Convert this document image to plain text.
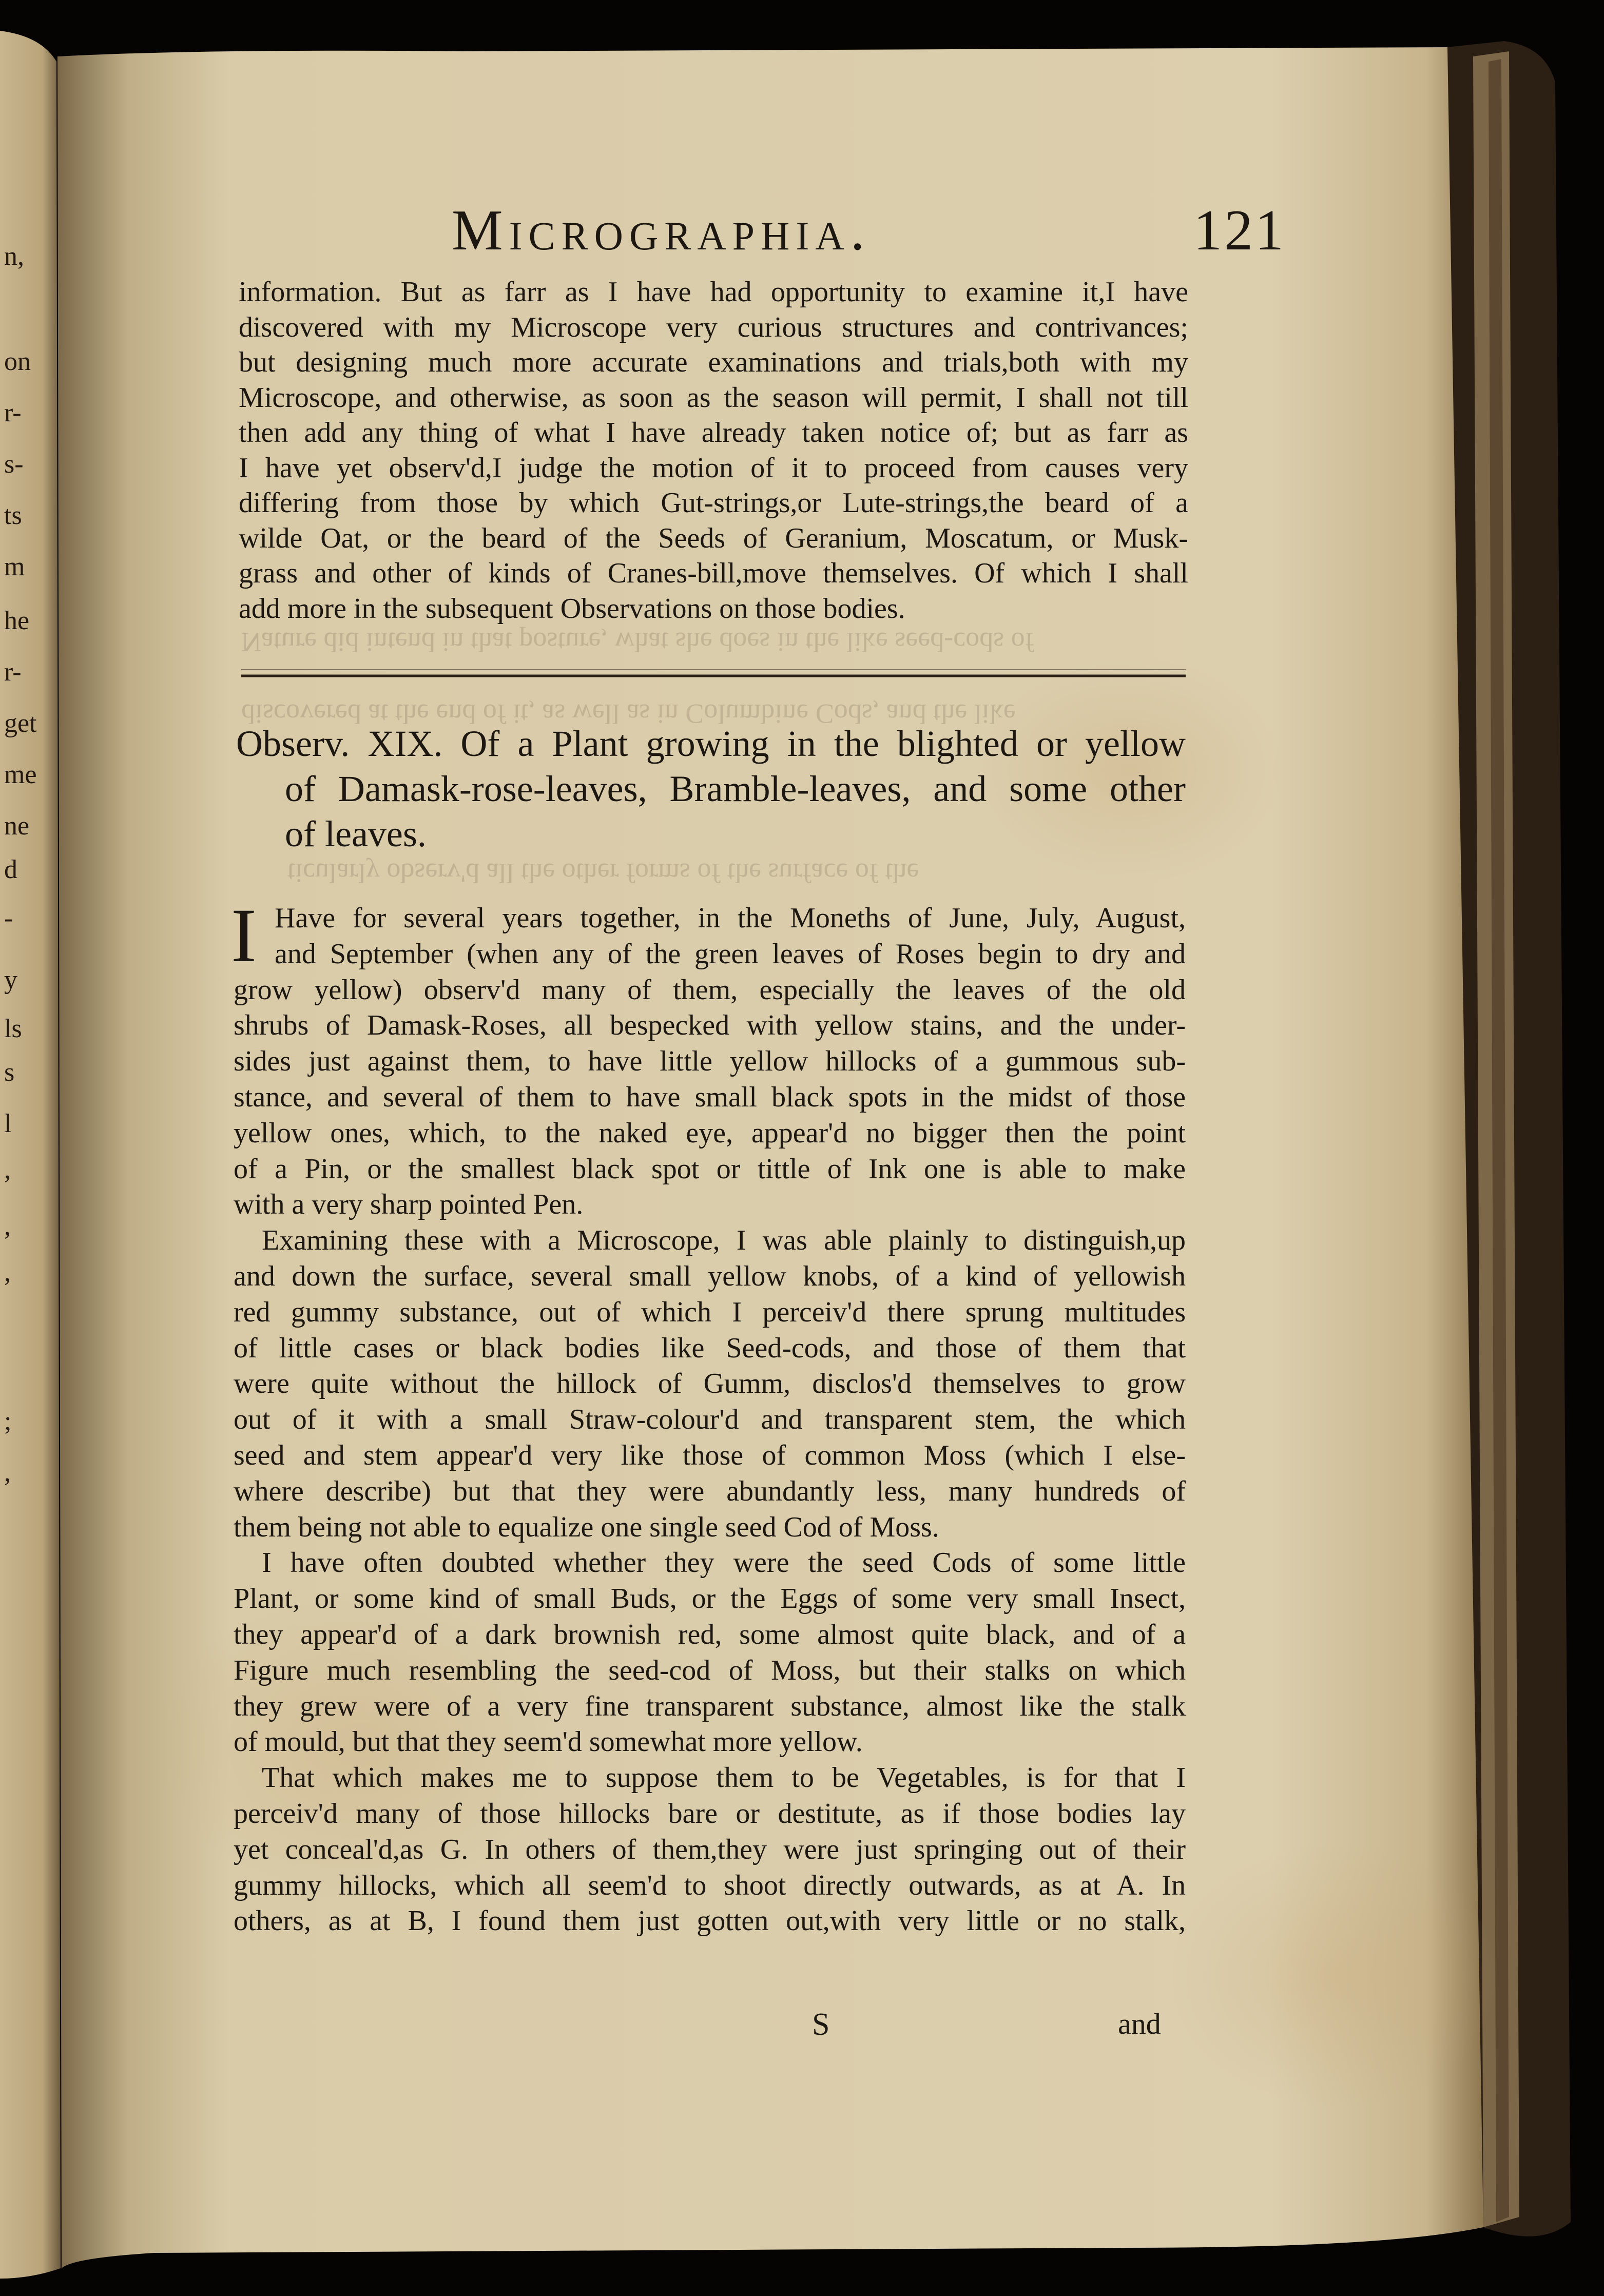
n,
on
r-
s-
ts
m
he
r-
get
me
ne
d
-
y
ls
s
l
,
,
,
;
,
Nature did intend in that posture, what she does in the like seed-cods of
discovered at the end of it, as well as in Columbine Cods, and the like
ticularly observ'd all the other forms of the surface of the
Micrographia.	121
information. But as farr as I have had opportunity to examine it,I have
discovered with my Microscope very curious structures and contrivances;
but designing much more accurate examinations and trials,both with my
Microscope, and otherwise, as soon as the season will permit, I shall not till
then add any thing of what I have already taken notice of; but as farr as
I have yet observ'd,I judge the motion of it to proceed from causes very
differing from those by which Gut-strings,or Lute-strings,the beard of a
wilde Oat, or the beard of the Seeds of Geranium, Moscatum, or Musk-
grass and other of kinds of Cranes-bill,move themselves. Of which I shall
add more in the subsequent Observations on those bodies.
Observ. XIX. Of a Plant growing in the blighted or yellow
of Damask-rose-leaves, Bramble-leaves, and some other
of leaves.
I Have for several years together, in the Moneths of June, July, August,
and September (when any of the green leaves of Roses begin to dry and
grow yellow) observ'd many of them, especially the leaves of the old
shrubs of Damask-Roses, all bespecked with yellow stains, and the under-
sides just against them, to have little yellow hillocks of a gummous sub-
stance, and several of them to have small black spots in the midst of those
yellow ones, which, to the naked eye, appear'd no bigger then the point
of a Pin, or the smallest black spot or tittle of Ink one is able to make
with a very sharp pointed Pen.
Examining these with a Microscope, I was able plainly to distinguish,up
and down the surface, several small yellow knobs, of a kind of yellowish
red gummy substance, out of which I perceiv'd there sprung multitudes
of little cases or black bodies like Seed-cods, and those of them that
were quite without the hillock of Gumm, disclos'd themselves to grow
out of it with a small Straw-colour'd and transparent stem, the which
seed and stem appear'd very like those of common Moss (which I else-
where describe) but that they were abundantly less, many hundreds of
them being not able to equalize one single seed Cod of Moss.
I have often doubted whether they were the seed Cods of some little
Plant, or some kind of small Buds, or the Eggs of some very small Insect,
they appear'd of a dark brownish red, some almost quite black, and of a
Figure much resembling the seed-cod of Moss, but their stalks on which
they grew were of a very fine transparent substance, almost like the stalk
of mould, but that they seem'd somewhat more yellow.
That which makes me to suppose them to be Vegetables, is for that I
perceiv'd many of those hillocks bare or destitute, as if those bodies lay
yet conceal'd,as G. In others of them,they were just springing out of their
gummy hillocks, which all seem'd to shoot directly outwards, as at A. In
others, as at B, I found them just gotten out,with very little or no stalk,
S	and
